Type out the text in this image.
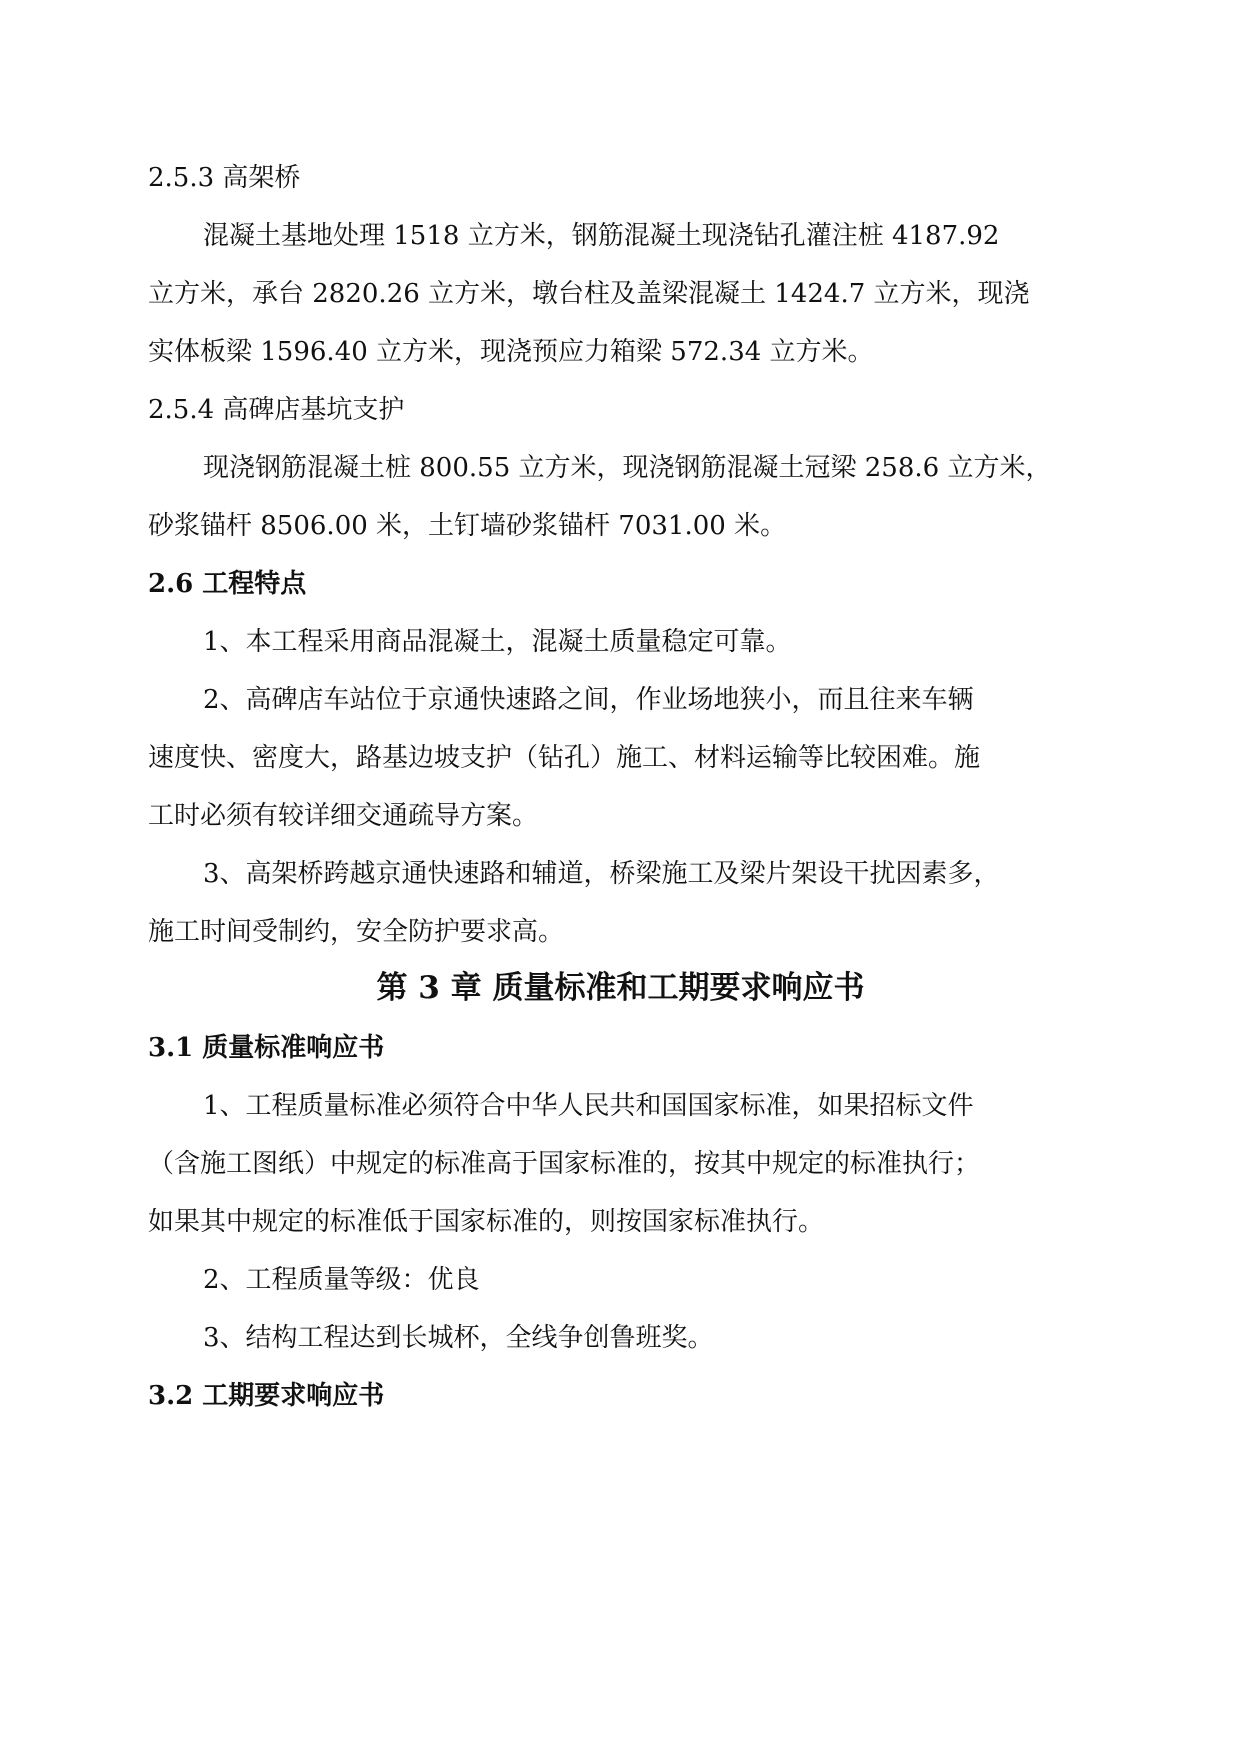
2.5.3 高架桥
混凝土基地处理 1518 立方米，钢筋混凝土现浇钻孔灌注桩 4187.92
立方米，承台 2820.26 立方米，墩台柱及盖梁混凝土 1424.7 立方米，现浇
实体板梁 1596.40 立方米，现浇预应力箱梁 572.34 立方米。
2.5.4 高碑店基坑支护
现浇钢筋混凝土桩 800.55 立方米，现浇钢筋混凝土冠梁 258.6 立方米，
砂浆锚杆 8506.00 米，土钉墙砂浆锚杆 7031.00 米。
2.6 工程特点
1、本工程采用商品混凝土，混凝土质量稳定可靠。
2、高碑店车站位于京通快速路之间，作业场地狭小，而且往来车辆
速度快、密度大，路基边坡支护（钻孔）施工、材料运输等比较困难。施
工时必须有较详细交通疏导方案。
3、高架桥跨越京通快速路和辅道，桥梁施工及梁片架设干扰因素多，
施工时间受制约，安全防护要求高。
第 3 章 质量标准和工期要求响应书
3.1 质量标准响应书
1、工程质量标准必须符合中华人民共和国国家标准，如果招标文件
（含施工图纸）中规定的标准高于国家标准的，按其中规定的标准执行；
如果其中规定的标准低于国家标准的，则按国家标准执行。
2、工程质量等级：优良
3、结构工程达到长城杯，全线争创鲁班奖。
3.2 工期要求响应书
